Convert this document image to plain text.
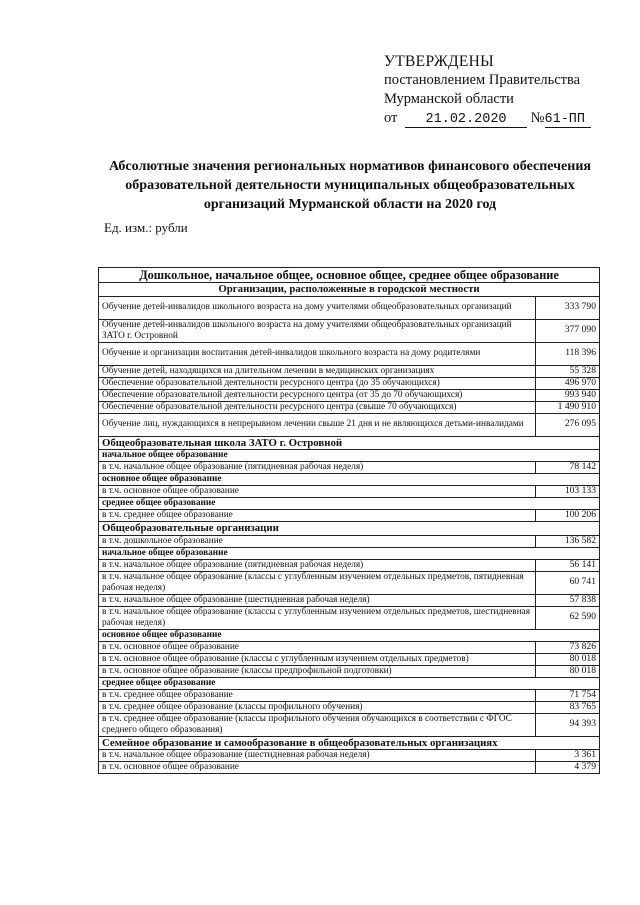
УТВЕРЖДЕНЫ
постановлением Правительства
Мурманской области
от 21.02.2020 №61-ПП
Абсолютные значения региональных нормативов финансового обеспечения образовательной деятельности муниципальных общеобразовательных организаций Мурманской области на 2020 год
Ед. изм.: рубли
Дошкольное, начальное общее, основное общее, среднее общее образование	
Организации, расположенные в городской местности	
Обучение детей-инвалидов школьного возраста на дому учителями общеобразовательных организаций	333 790
Обучение детей-инвалидов школьного возраста на дому учителями общеобразовательных организаций ЗАТО г. Островной	377 090
Обучение и организация воспитания детей-инвалидов школьного возраста на дому родителями	118 396
Обучение детей, находящихся на длительном лечении в медицинских организациях	55 328
Обеспечение образовательной деятельности ресурсного центра (до 35 обучающихся)	496 970
Обеспечение образовательной деятельности ресурсного центра (от 35 до 70 обучающихся)	993 940
Обеспечение образовательной деятельности ресурсного центра (свыше 70 обучающихся)	1 490 910
Обучение лиц, нуждающихся в непрерывном лечении свыше 21 дня и не являющихся детьми-инвалидами	276 095
Общеобразовательная школа ЗАТО г. Островной	
начальное общее образование	
в т.ч. начальное общее образование (пятидневная рабочая неделя)	78 142
основное общее образование	
в т.ч. основное общее образование	103 133
среднее общее образование	
в т.ч. среднее общее образование	100 206
Общеобразовательные организации	
в т.ч. дошкольное образование	136 582
начальное общее образование	
в т.ч. начальное общее образование (пятидневная рабочая неделя)	56 141
в т.ч. начальное общее образование (классы с углубленным изучением отдельных предметов, пятидневная рабочая неделя)	60 741
в т.ч. начальное общее образование (шестидневная рабочая неделя)	57 838
в т.ч. начальное общее образование (классы с углубленным изучением отдельных предметов, шестидневная рабочая неделя)	62 590
основное общее образование	
в т.ч. основное общее образование	73 826
в т.ч. основное общее образование (классы с углубленным изучением отдельных предметов)	80 018
в т.ч. основное общее образование (классы предпрофильной подготовки)	80 018
среднее общее образование	
в т.ч. среднее общее образование	71 754
в т.ч. среднее общее образование (классы профильного обучения)	83 765
в т.ч. среднее общее образование (классы профильного обучения обучающихся в соответствии с ФГОС среднего общего образования)	94 393
Семейное образование и самообразование в общеобразовательных организациях	
в т.ч. начальное общее образование (шестидневная рабочая неделя)	3 361
в т.ч. основное общее образование	4 379
